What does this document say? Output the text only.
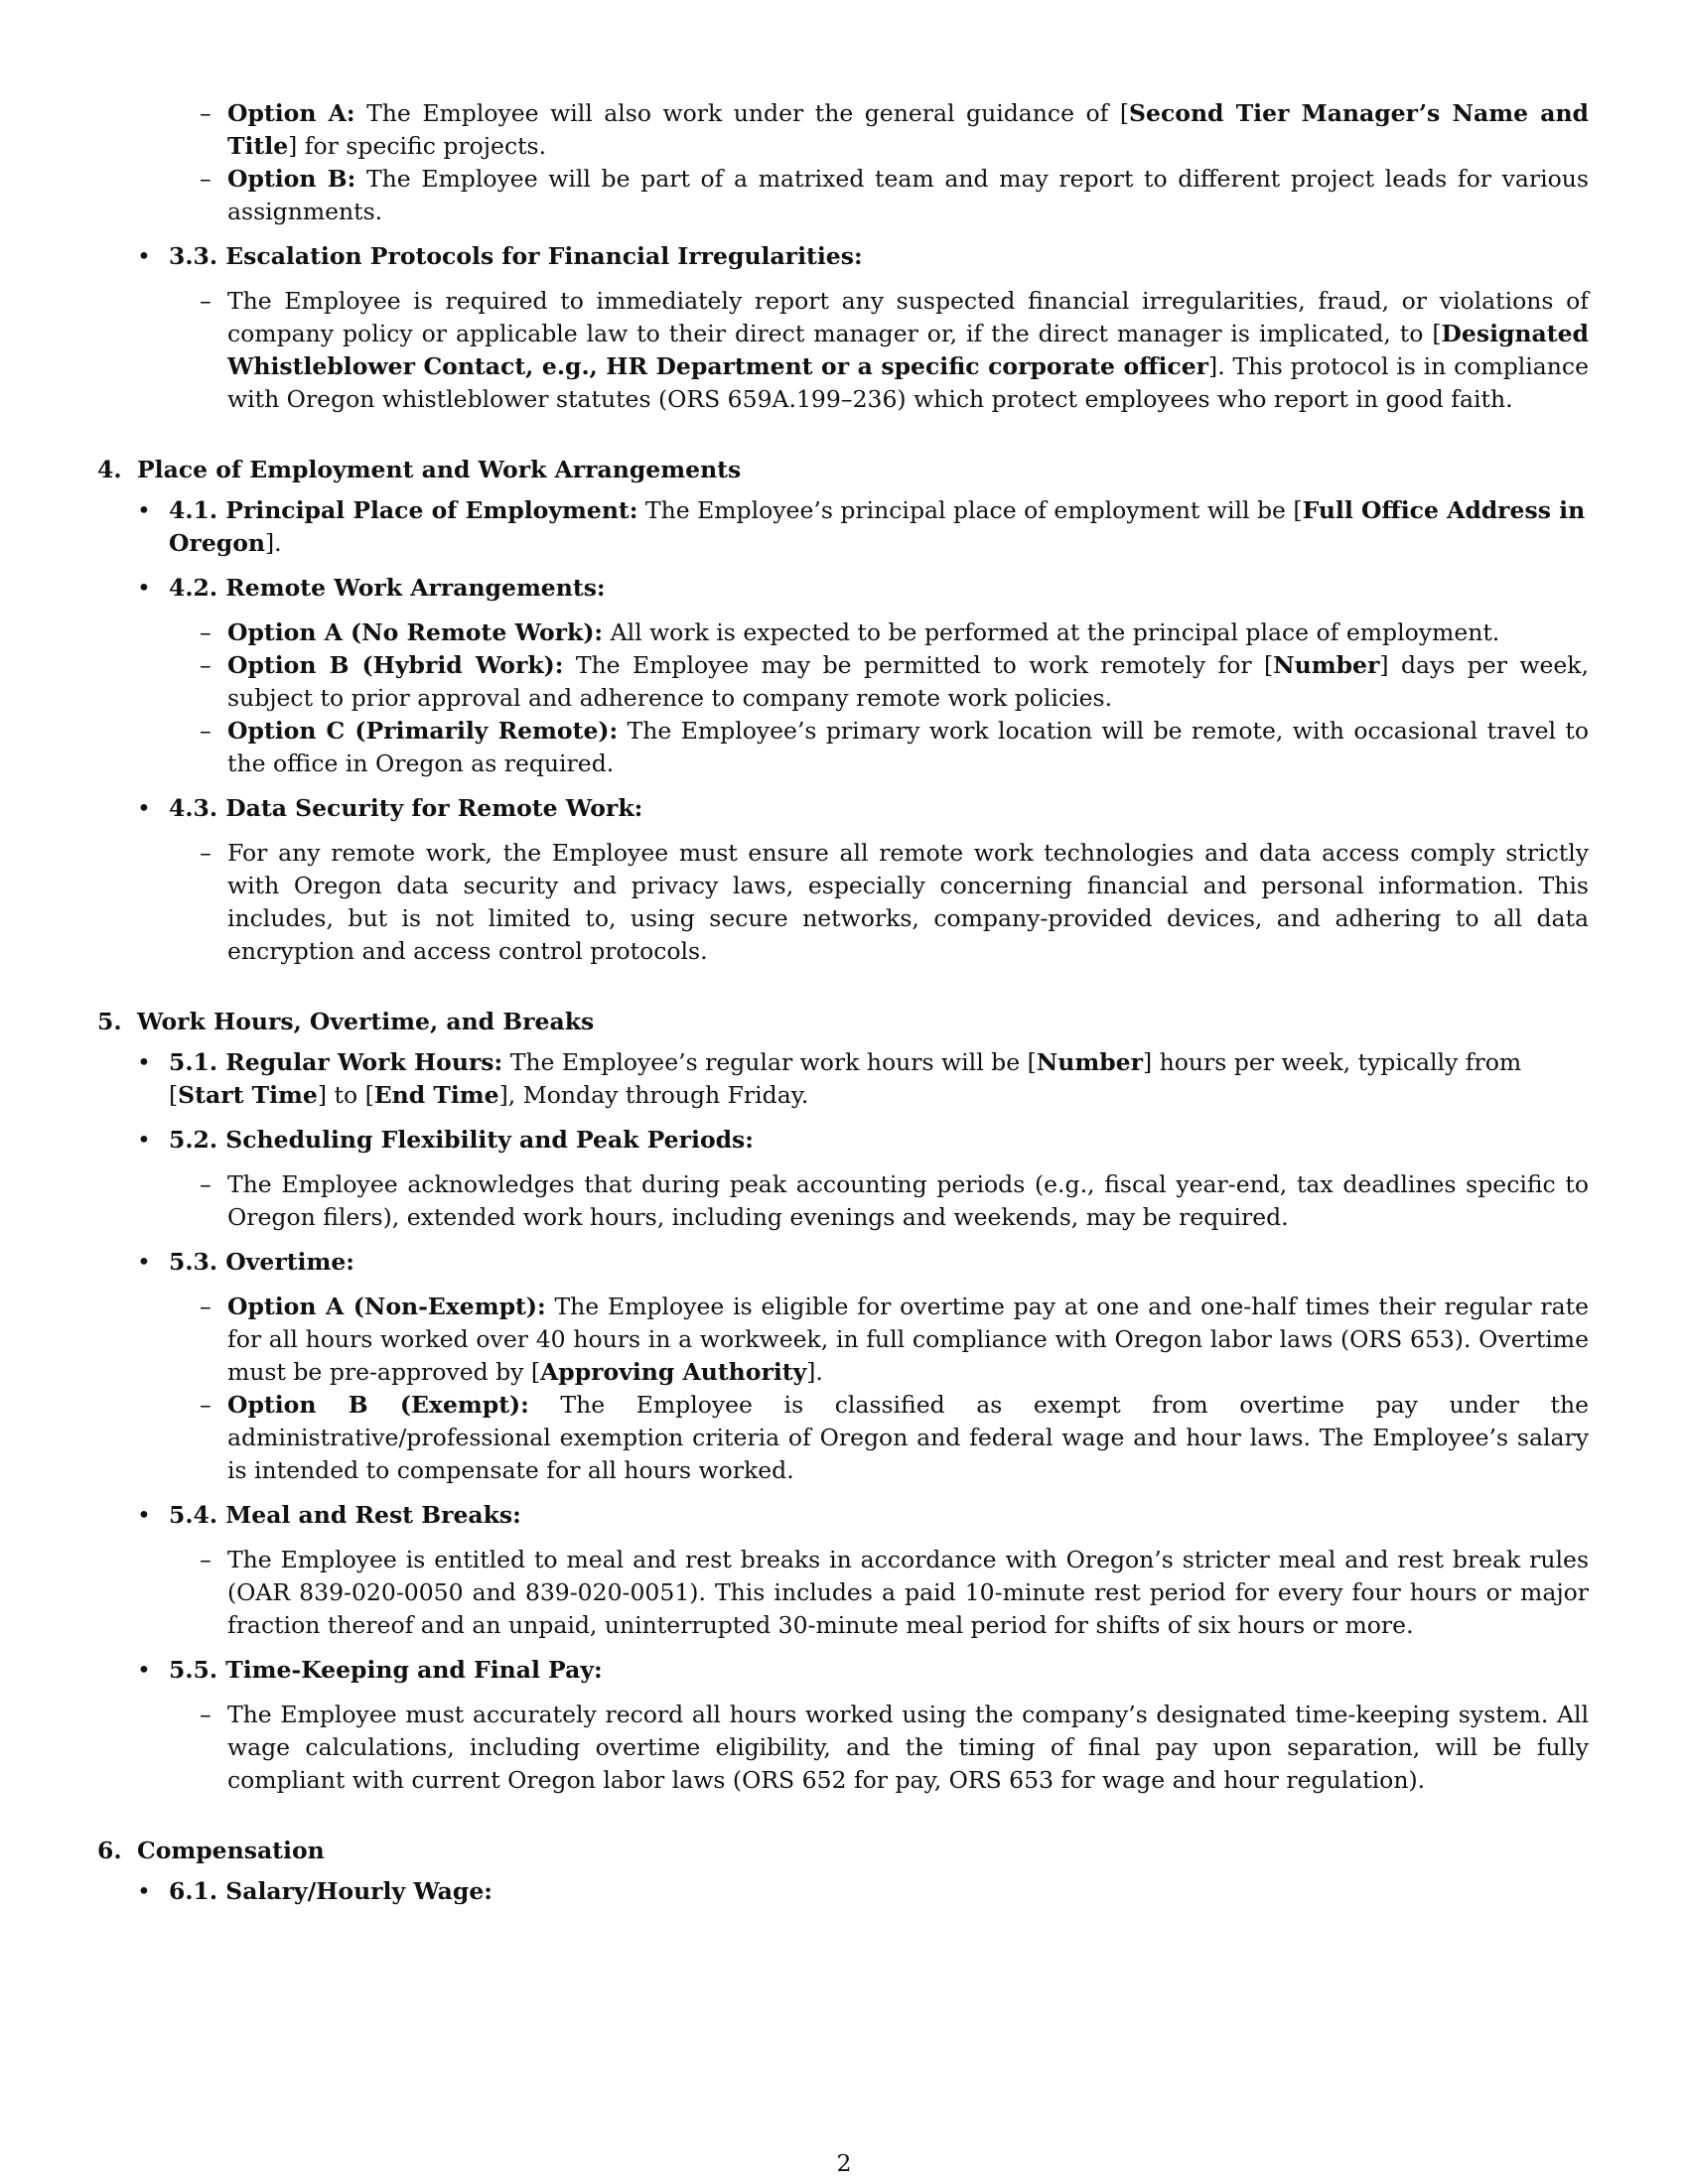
– Option A: The Employee will also work under the general guidance of [Second Tier Manager’s Name and Title] for specific projects.

– Option B: The Employee will be part of a matrixed team and may report to different project leads for various assignments.

• 3.3. Escalation Protocols for Financial Irregularities:

– The Employee is required to immediately report any suspected financial irregularities, fraud, or violations of company policy or applicable law to their direct manager or, if the direct manager is implicated, to [Designated Whistleblower Contact, e.g., HR Department or a specific corporate officer]. This protocol is in compliance with Oregon whistleblower statutes (ORS 659A.199–236) which protect employees who report in good faith.

4. Place of Employment and Work Arrangements
• 4.1. Principal Place of Employment: The Employee’s principal place of employment will be [Full Office Address in Oregon].
• 4.2. Remote Work Arrangements:

– Option A (No Remote Work): All work is expected to be performed at the principal place of employment.

– Option B (Hybrid Work): The Employee may be permitted to work remotely for [Number] days per week, subject to prior approval and adherence to company remote work policies.

– Option C (Primarily Remote): The Employee’s primary work location will be remote, with occasional travel to the office in Oregon as required.

• 4.3. Data Security for Remote Work:

– For any remote work, the Employee must ensure all remote work technologies and data access comply strictly with Oregon data security and privacy laws, especially concerning financial and personal information. This includes, but is not limited to, using secure networks, company-provided devices, and adhering to all data encryption and access control protocols.

5. Work Hours, Overtime, and Breaks
• 5.1. Regular Work Hours: The Employee’s regular work hours will be [Number] hours per week, typically from [Start Time] to [End Time], Monday through Friday.
• 5.2. Scheduling Flexibility and Peak Periods:

– The Employee acknowledges that during peak accounting periods (e.g., fiscal year-end, tax deadlines specific to Oregon filers), extended work hours, including evenings and weekends, may be required.

• 5.3. Overtime:

– Option A (Non-Exempt): The Employee is eligible for overtime pay at one and one-half times their regular rate for all hours worked over 40 hours in a workweek, in full compliance with Oregon labor laws (ORS 653). Overtime must be pre-approved by [Approving Authority].

– Option B (Exempt): The Employee is classified as exempt from overtime pay under the administrative/professional exemption criteria of Oregon and federal wage and hour laws. The Employee’s salary is intended to compensate for all hours worked.

• 5.4. Meal and Rest Breaks:

– The Employee is entitled to meal and rest breaks in accordance with Oregon’s stricter meal and rest break rules (OAR 839-020-0050 and 839-020-0051). This includes a paid 10-minute rest period for every four hours or major fraction thereof and an unpaid, uninterrupted 30-minute meal period for shifts of six hours or more.

• 5.5. Time-Keeping and Final Pay:

– The Employee must accurately record all hours worked using the company’s designated time-keeping system. All wage calculations, including overtime eligibility, and the timing of final pay upon separation, will be fully compliant with current Oregon labor laws (ORS 652 for pay, ORS 653 for wage and hour regulation).

6. Compensation
• 6.1. Salary/Hourly Wage:
2
